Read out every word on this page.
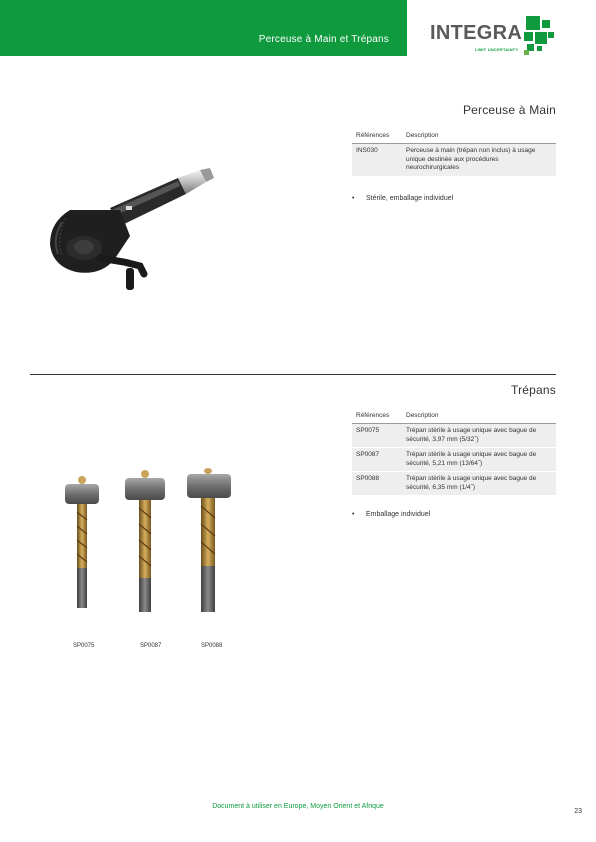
Perceuse à Main et Trépans INTEGRA
LIMIT UNCERTAINTY
Perceuse à Main
Références	Description
INS030	Perceuse à main (trépan non inclus) à usage unique destinée aux procédures neurochirurgicales
• Stérile, emballage individuel
Trépans
Références	Description
SP0075	Trépan stérile à usage unique avec bague de sécurité, 3,97 mm (5/32˝)
SP0087	Trépan stérile à usage unique avec bague de sécurité, 5,21 mm (13/64˝)
SP0088	Trépan stérile à usage unique avec bague de sécurité, 6,35 mm (1/4˝)
• Emballage individuel
SP0075	SP0087	SP0088
Document à utiliser en Europe, Moyen Orient et Afrique
23
